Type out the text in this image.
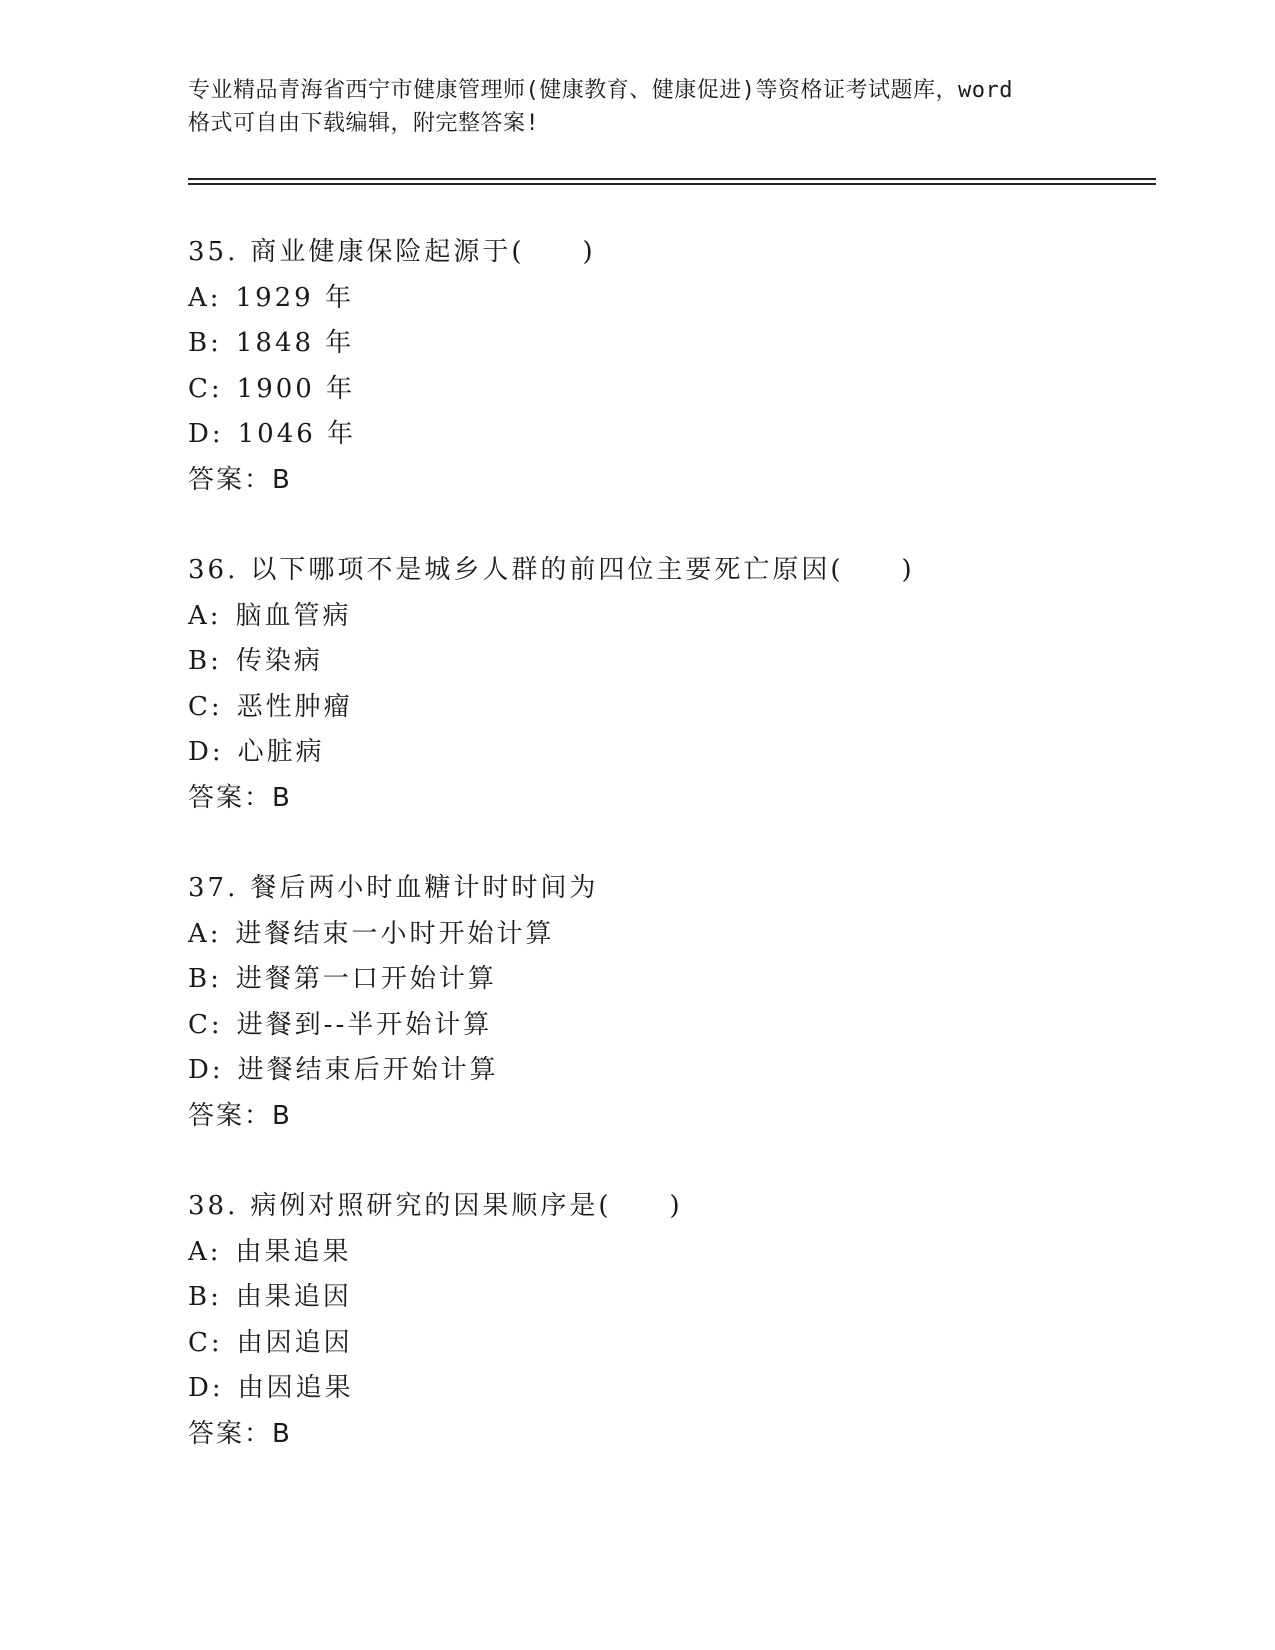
专业精品青海省西宁市健康管理师(健康教育、健康促进)等资格证考试题库，word
格式可自由下载编辑，附完整答案!
35. 商业健康保险起源于(　　)
A: 1929 年
B: 1848 年
C: 1900 年
D: 1046 年
答案：B
36. 以下哪项不是城乡人群的前四位主要死亡原因(　　)
A: 脑血管病
B: 传染病
C: 恶性肿瘤
D: 心脏病
答案：B
37. 餐后两小时血糖计时时间为
A: 进餐结束一小时开始计算
B: 进餐第一口开始计算
C: 进餐到--半开始计算
D: 进餐结束后开始计算
答案：B
38. 病例对照研究的因果顺序是(　　)
A: 由果追果
B: 由果追因
C: 由因追因
D: 由因追果
答案：B
